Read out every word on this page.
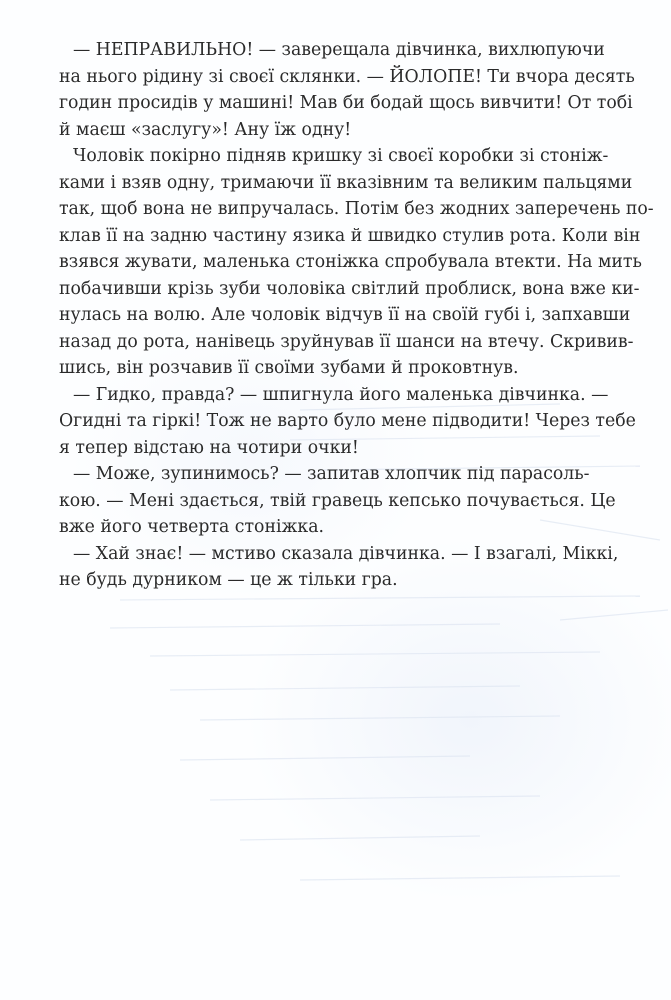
— НЕПРАВИЛЬНО! — заверещала дівчинка, вихлюпуючи
на нього рідину зі своєї склянки. — ЙОЛОПЕ! Ти вчора десять
годин просидів у машині! Мав би бодай щось вивчити! От тобі
й маєш «заслугу»! Ану їж одну!

Чоловік покірно підняв кришку зі своєї коробки зі стоніж-
ками і взяв одну, тримаючи її вказівним та великим пальцями
так, щоб вона не випручалась. Потім без жодних заперечень по-
клав її на задню частину язика й швидко стулив рота. Коли він
взявся жувати, маленька стоніжка спробувала втекти. На мить
побачивши крізь зуби чоловіка світлий проблиск, вона вже ки-
нулась на волю. Але чоловік відчув її на своїй губі і, запхавши
назад до рота, нанівець зруйнував її шанси на втечу. Скривив-
шись, він розчавив її своїми зубами й проковтнув.

— Гидко, правда? — шпигнула його маленька дівчинка. —
Огидні та гіркі! Тож не варто було мене підводити! Через тебе
я тепер відстаю на чотири очки!

— Може, зупинимось? — запитав хлопчик під парасоль-
кою. — Мені здається, твій гравець кепсько почувається. Це
вже його четверта стоніжка.

— Хай знає! — мстиво сказала дівчинка. — І взагалі, Міккі,
не будь дурником — це ж тільки гра.
